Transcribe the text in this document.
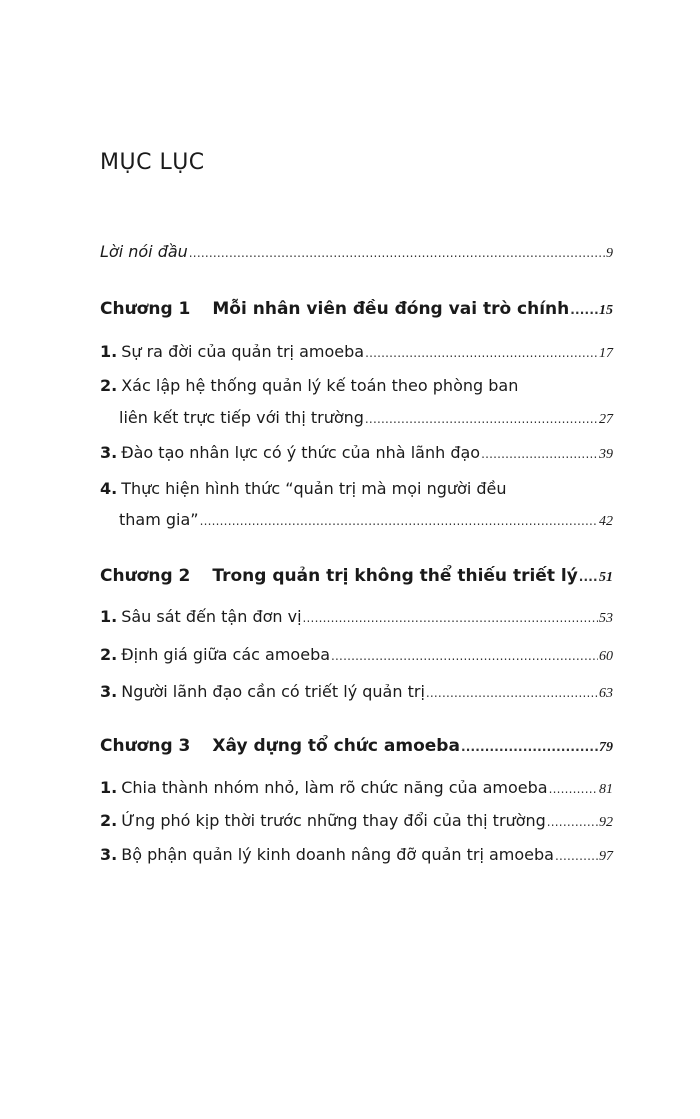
MỤC LỤC
Lời nói đầu .....	9
Chương 1 Mỗi nhân viên đều đóng vai trò chính ..... 15
1. Sự ra đời của quản trị amoeba .....	17
2. Xác lập hệ thống quản lý kế toán theo phòng ban
liên kết trực tiếp với thị trường .....	27
3. Đào tạo nhân lực có ý thức của nhà lãnh đạo .....	39
4. Thực hiện hình thức “quản trị mà mọi người đều
tham gia” .....	42
Chương 2 Trong quản trị không thể thiếu triết lý ..... 51
1. Sâu sát đến tận đơn vị .....	53
2. Định giá giữa các amoeba .....	60
3. Người lãnh đạo cần có triết lý quản trị .....	63
Chương 3 Xây dựng tổ chức amoeba .....	79
1. Chia thành nhóm nhỏ, làm rõ chức năng của amoeba .....	81
2. Ứng phó kịp thời trước những thay đổi của thị trường .....	92
3. Bộ phận quản lý kinh doanh nâng đỡ quản trị amoeba .....	97
